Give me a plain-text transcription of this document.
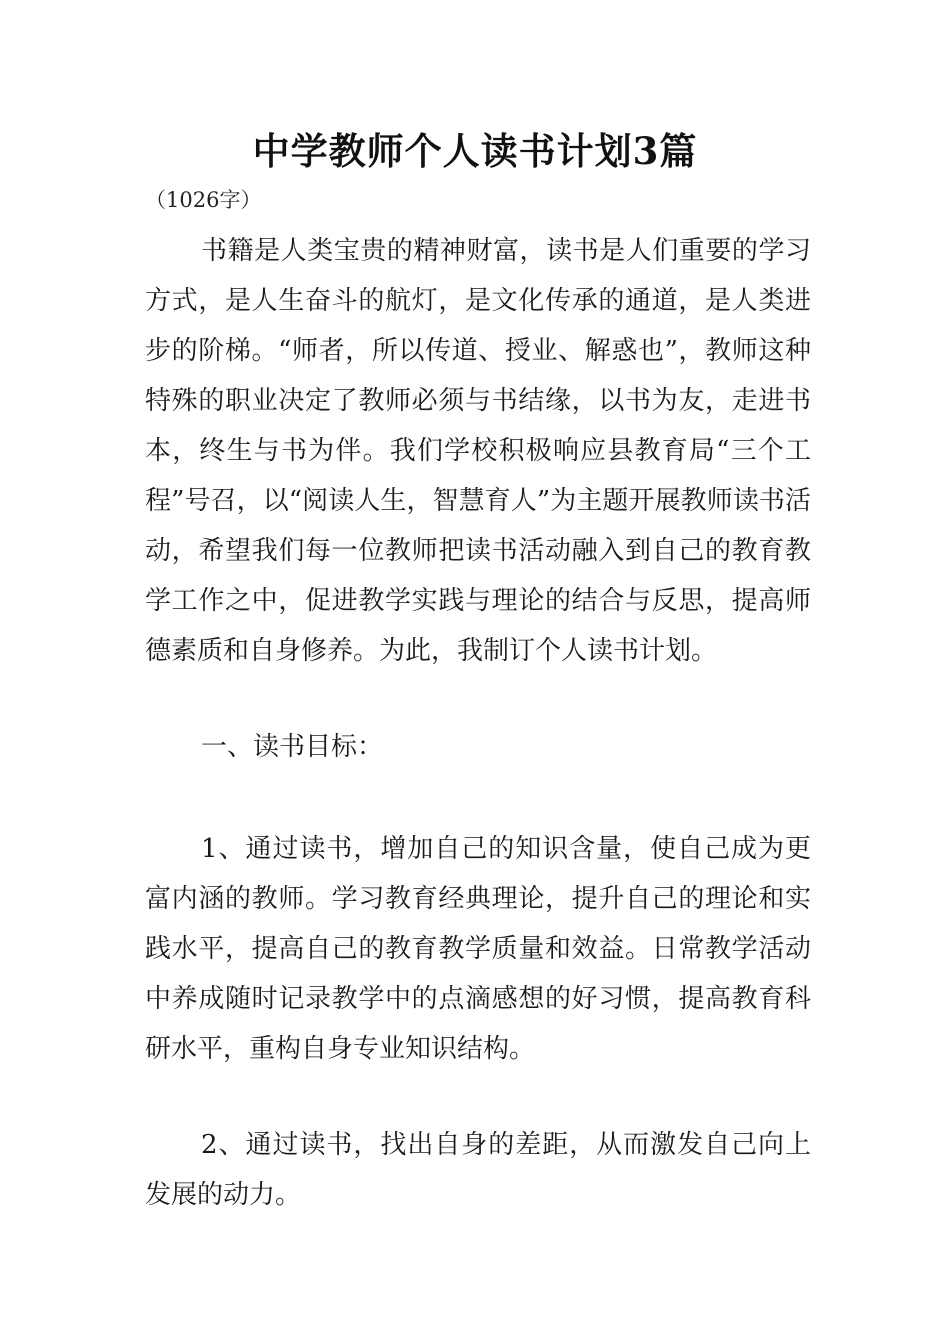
中学教师个人读书计划3篇
（1026字）

书籍是人类宝贵的精神财富，读书是人们重要的学习方式，是人生奋斗的航灯，是文化传承的通道，是人类进步的阶梯。“师者，所以传道、授业、解惑也”，教师这种特殊的职业决定了教师必须与书结缘，以书为友，走进书本，终生与书为伴。我们学校积极响应县教育局“三个工程”号召，以“阅读人生，智慧育人”为主题开展教师读书活动，希望我们每一位教师把读书活动融入到自己的教育教学工作之中，促进教学实践与理论的结合与反思，提高师德素质和自身修养。为此，我制订个人读书计划。

一、读书目标：

1、通过读书，增加自己的知识含量，使自己成为更富内涵的教师。学习教育经典理论，提升自己的理论和实践水平，提高自己的教育教学质量和效益。日常教学活动中养成随时记录教学中的点滴感想的好习惯，提高教育科研水平，重构自身专业知识结构。

2、通过读书，找出自身的差距，从而激发自己向上发展的动力。
